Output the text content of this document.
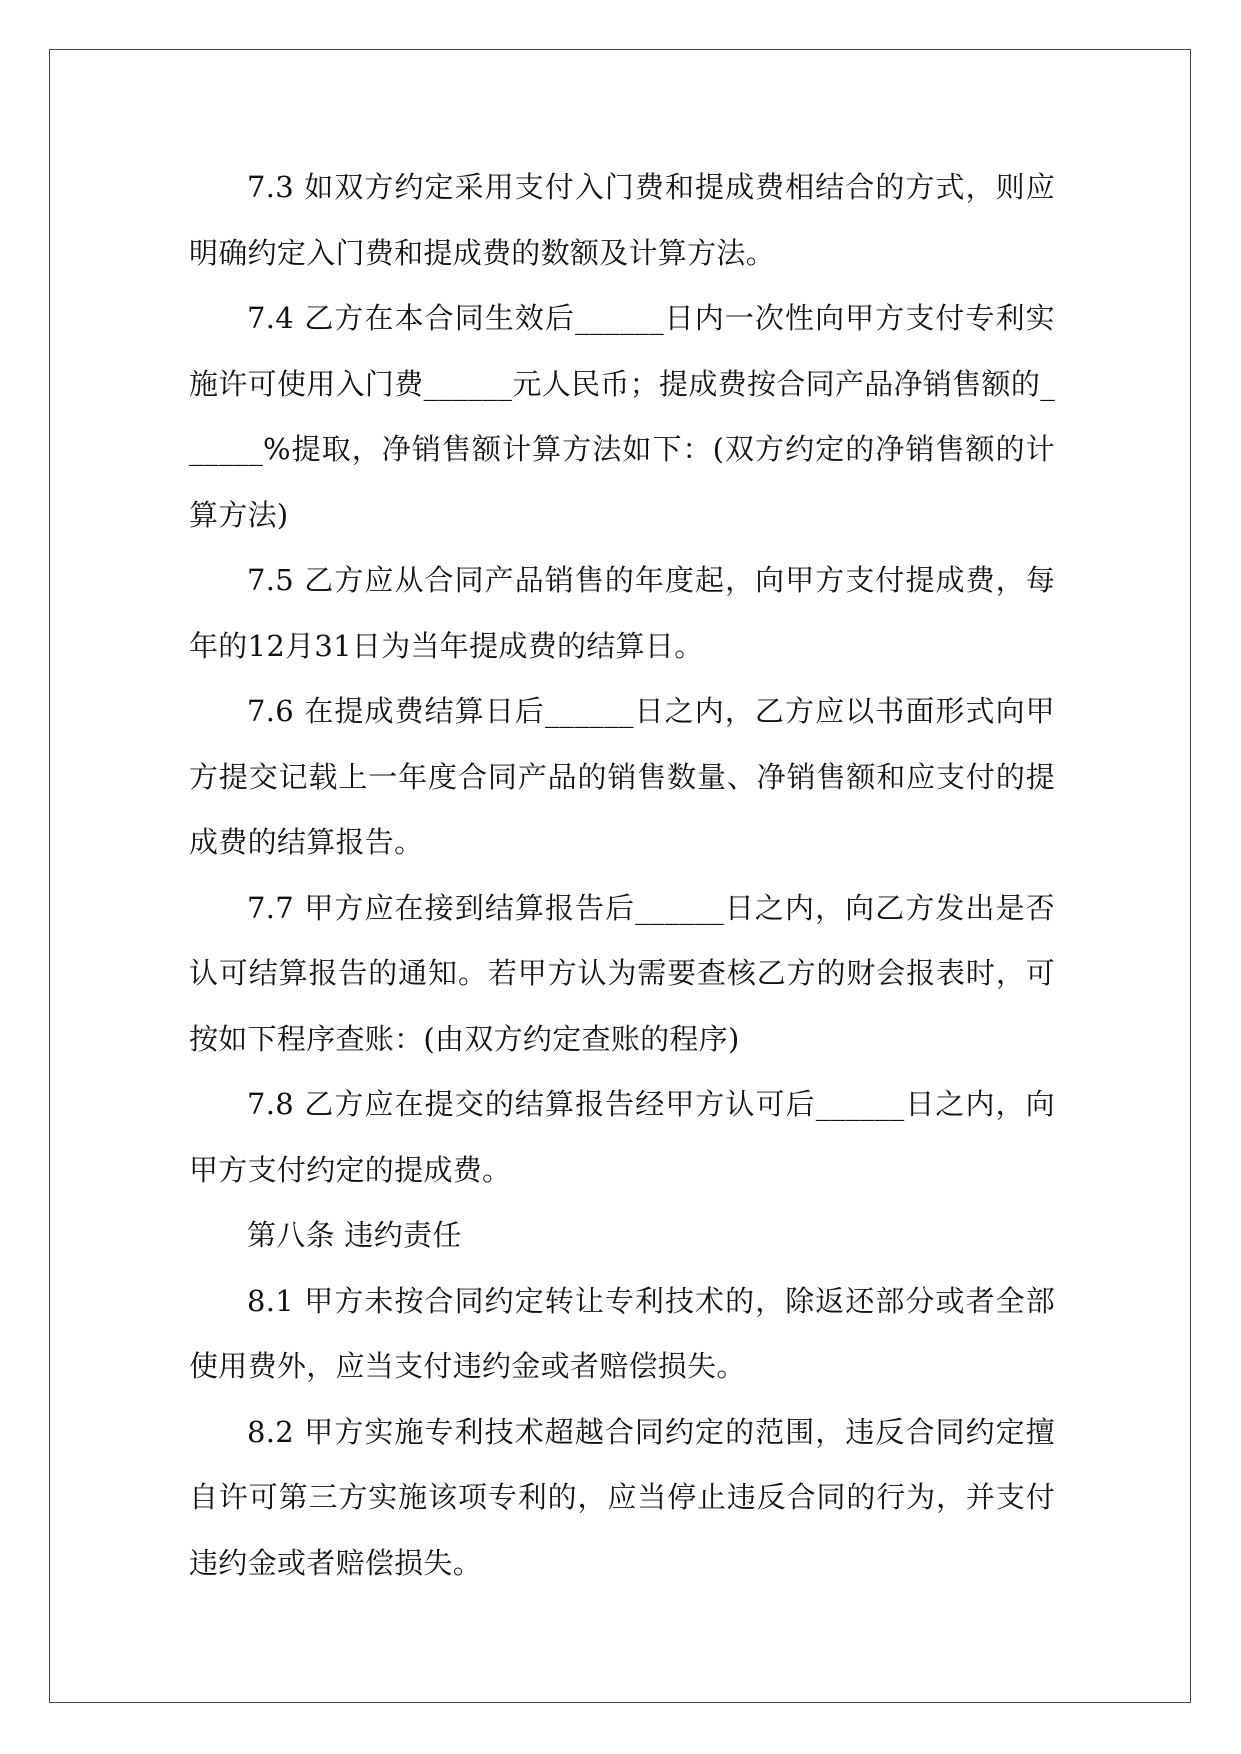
7.3 如双方约定采用支付入门费和提成费相结合的方式，则应明确约定入门费和提成费的数额及计算方法。

7.4 乙方在本合同生效后______日内一次性向甲方支付专利实施许可使用入门费______元人民币；提成费按合同产品净销售额的______%提取，净销售额计算方法如下：(双方约定的净销售额的计算方法)

7.5 乙方应从合同产品销售的年度起，向甲方支付提成费，每年的12月31日为当年提成费的结算日。

7.6 在提成费结算日后______日之内，乙方应以书面形式向甲方提交记载上一年度合同产品的销售数量、净销售额和应支付的提成费的结算报告。

7.7 甲方应在接到结算报告后______日之内，向乙方发出是否认可结算报告的通知。若甲方认为需要查核乙方的财会报表时，可按如下程序查账：(由双方约定查账的程序)

7.8 乙方应在提交的结算报告经甲方认可后______日之内，向甲方支付约定的提成费。

第八条 违约责任

8.1 甲方未按合同约定转让专利技术的，除返还部分或者全部使用费外，应当支付违约金或者赔偿损失。

8.2 甲方实施专利技术超越合同约定的范围，违反合同约定擅自许可第三方实施该项专利的，应当停止违反合同的行为，并支付违约金或者赔偿损失。
